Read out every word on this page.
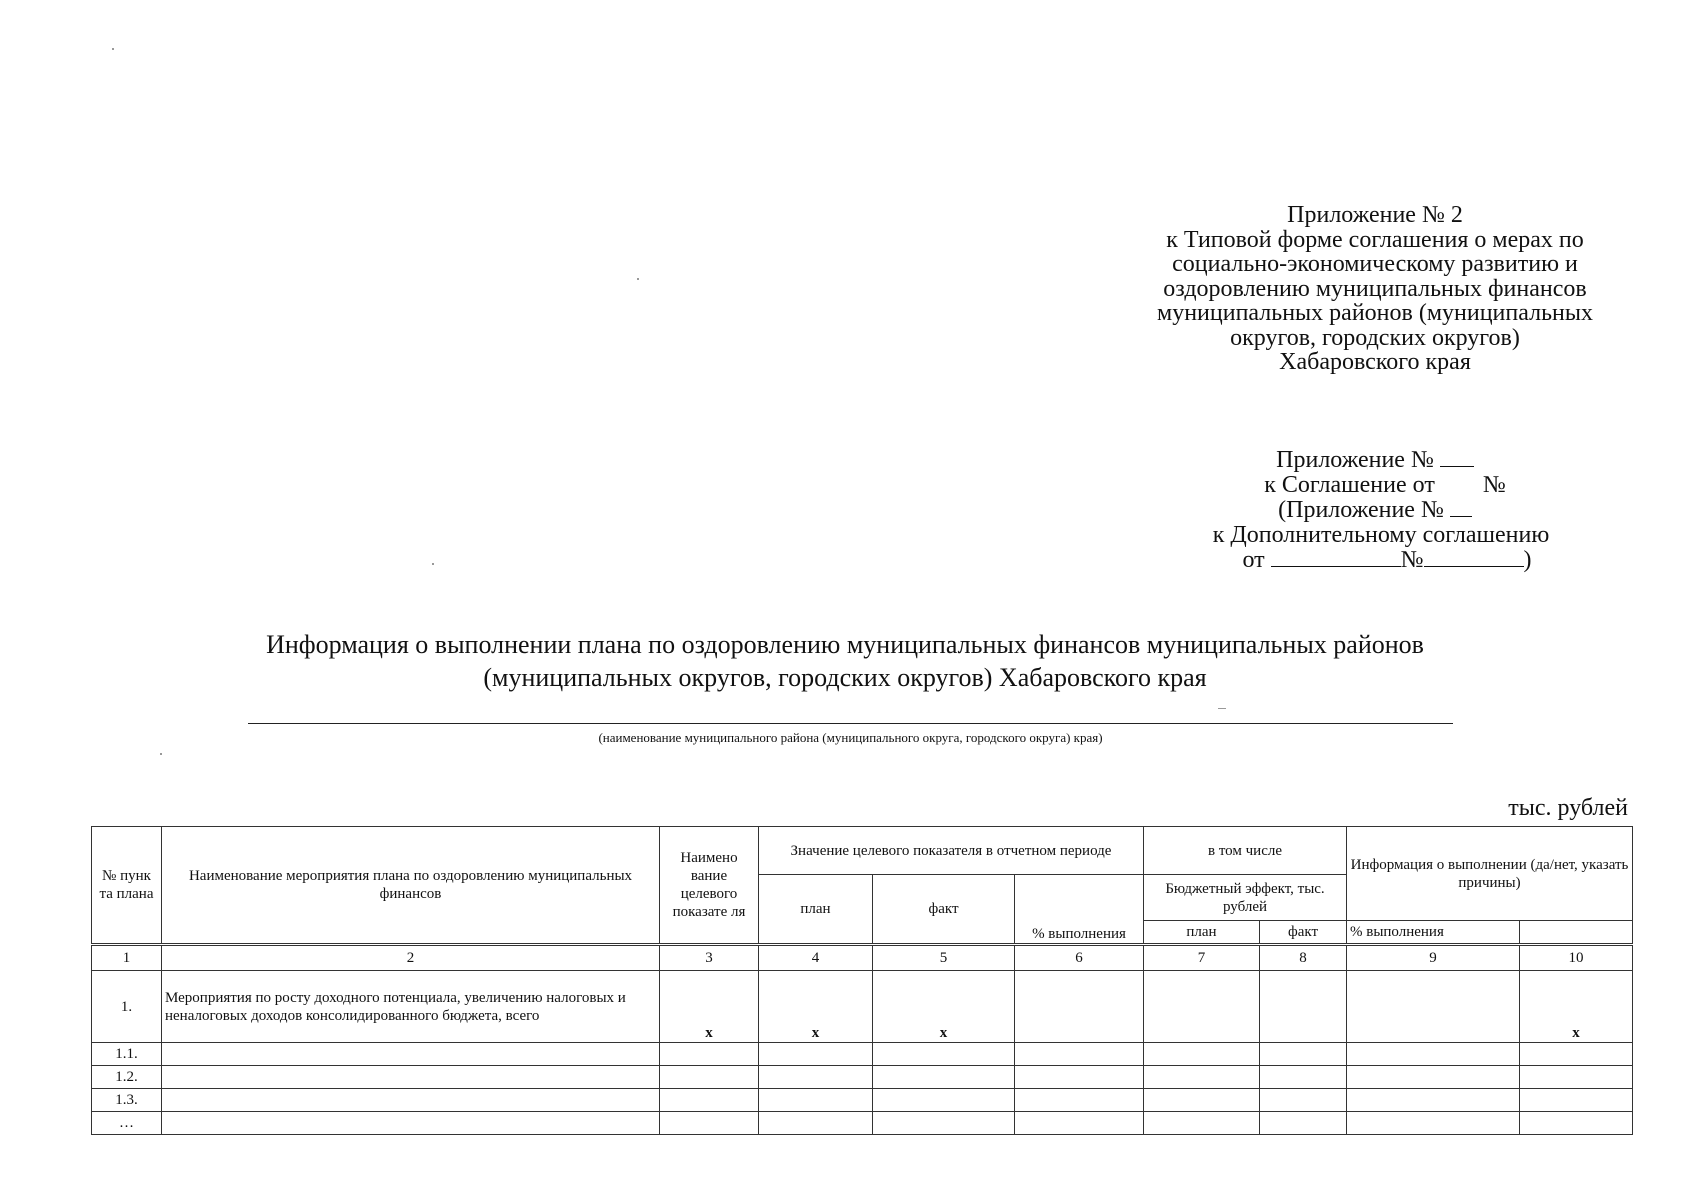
Приложение № 2
к Типовой форме соглашения о мерах по
социально-экономическому развитию и
оздоровлению муниципальных финансов
муниципальных районов (муниципальных
округов, городских округов)
Хабаровского края
Приложение №
к Соглашение от №
(Приложение №
к Дополнительному соглашению
от	№	)
Информация о выполнении плана по оздоровлению муниципальных финансов муниципальных районов
(муниципальных округов, городских округов) Хабаровского края
(наименование муниципального района (муниципального округа, городского округа) края)
тыс. рублей
№ пунк та плана	Наименование мероприятия плана по оздоровлению муниципальных финансов	Наимено вание целевого показате ля	Значение целевого показателя в отчетном периоде			в том числе		Информация о выполнении (да/нет, указать причины)	
			план	факт	% выполнения	Бюджетный эффект, тыс. рублей			
						план	факт	% выполнения	
1	2	3	4	5	6	7	8	9	10
1.	Мероприятия по росту доходного потенциала, увеличению налоговых и неналоговых доходов консолидированного бюджета, всего	x	x	x					x
1.1.									
1.2.									
1.3.									
…									
